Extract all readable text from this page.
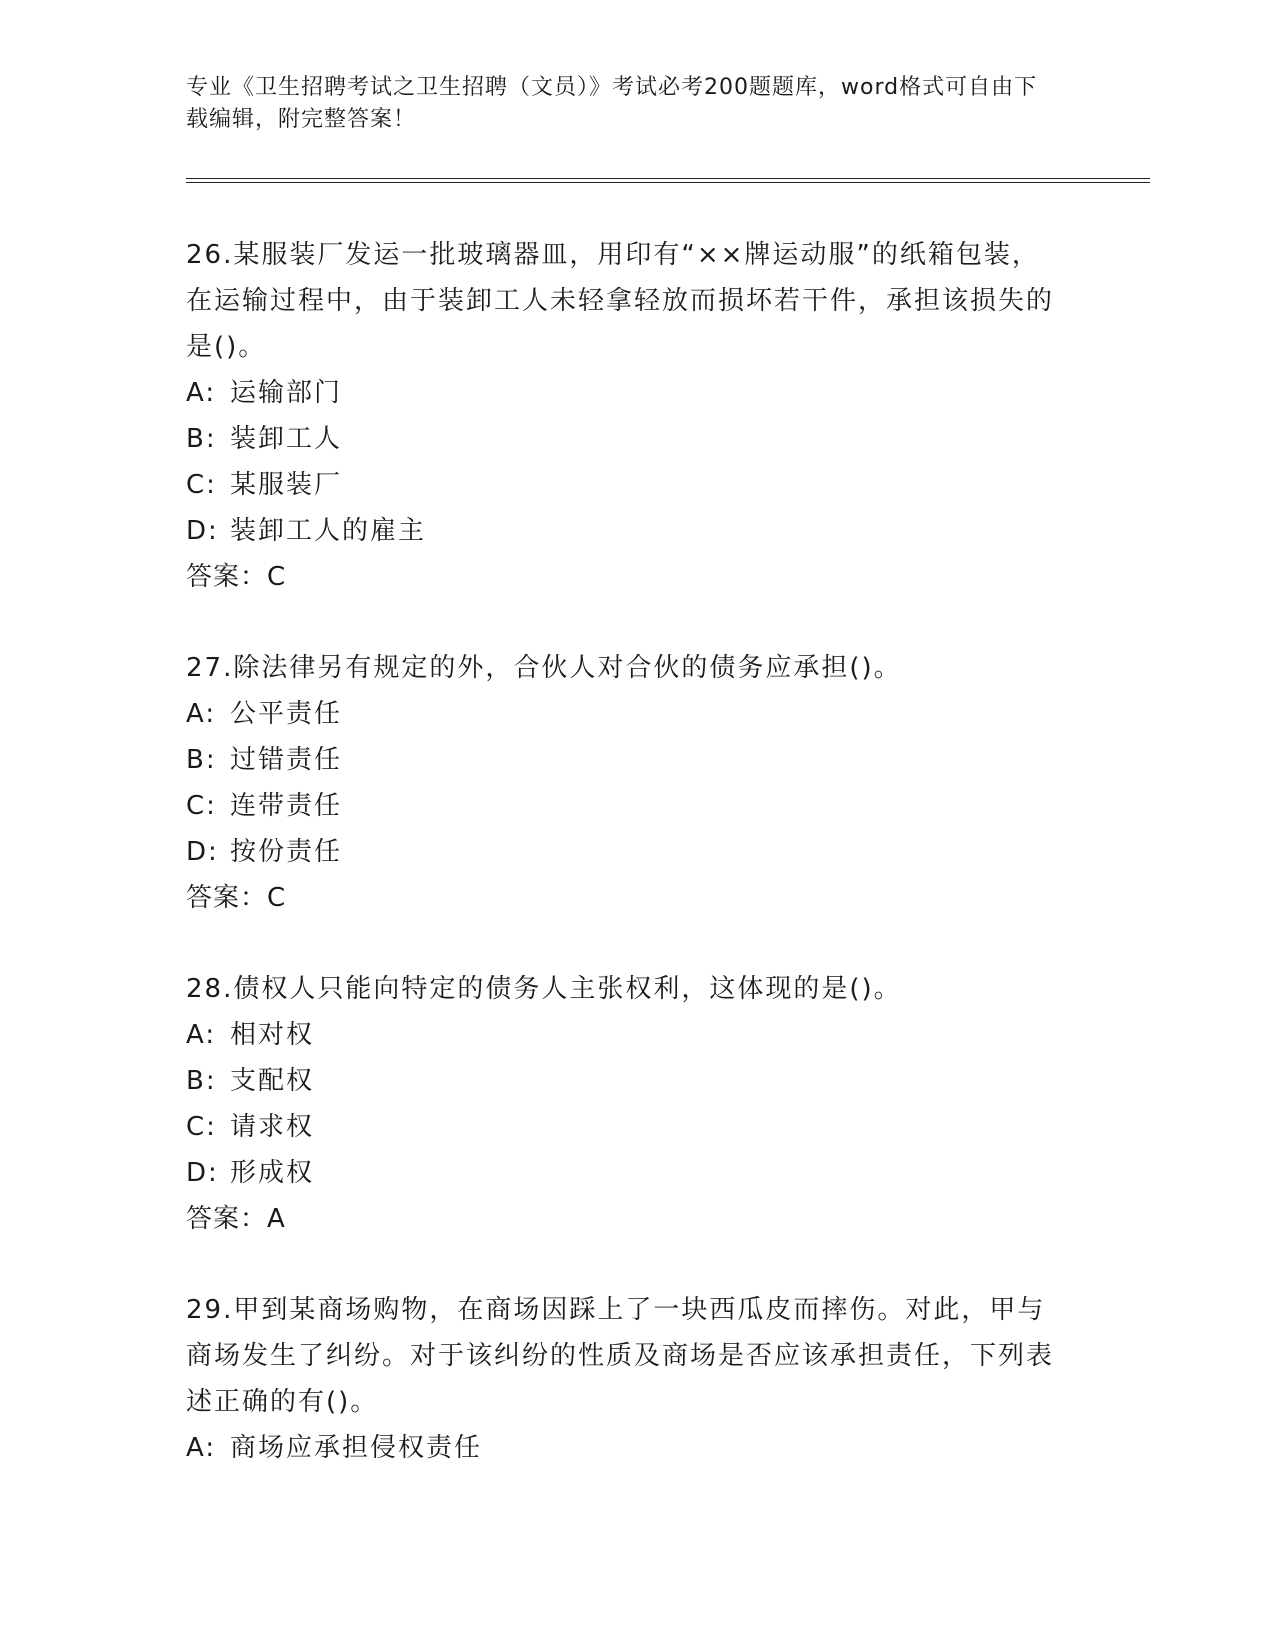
专业《卫生招聘考试之卫生招聘（文员）》考试必考200题题库，word格式可自由下载编辑，附完整答案！

26.某服装厂发运一批玻璃器皿，用印有“××牌运动服”的纸箱包装，在运输过程中，由于装卸工人未轻拿轻放而损坏若干件，承担该损失的是()。

A: 运输部门

B: 装卸工人

C: 某服装厂

D: 装卸工人的雇主

答案：C

27.除法律另有规定的外，合伙人对合伙的债务应承担()。

A: 公平责任

B: 过错责任

C: 连带责任

D: 按份责任

答案：C

28.债权人只能向特定的债务人主张权利，这体现的是()。

A: 相对权

B: 支配权

C: 请求权

D: 形成权

答案：A

29.甲到某商场购物，在商场因踩上了一块西瓜皮而摔伤。对此，甲与商场发生了纠纷。对于该纠纷的性质及商场是否应该承担责任，下列表述正确的有()。

A: 商场应承担侵权责任
